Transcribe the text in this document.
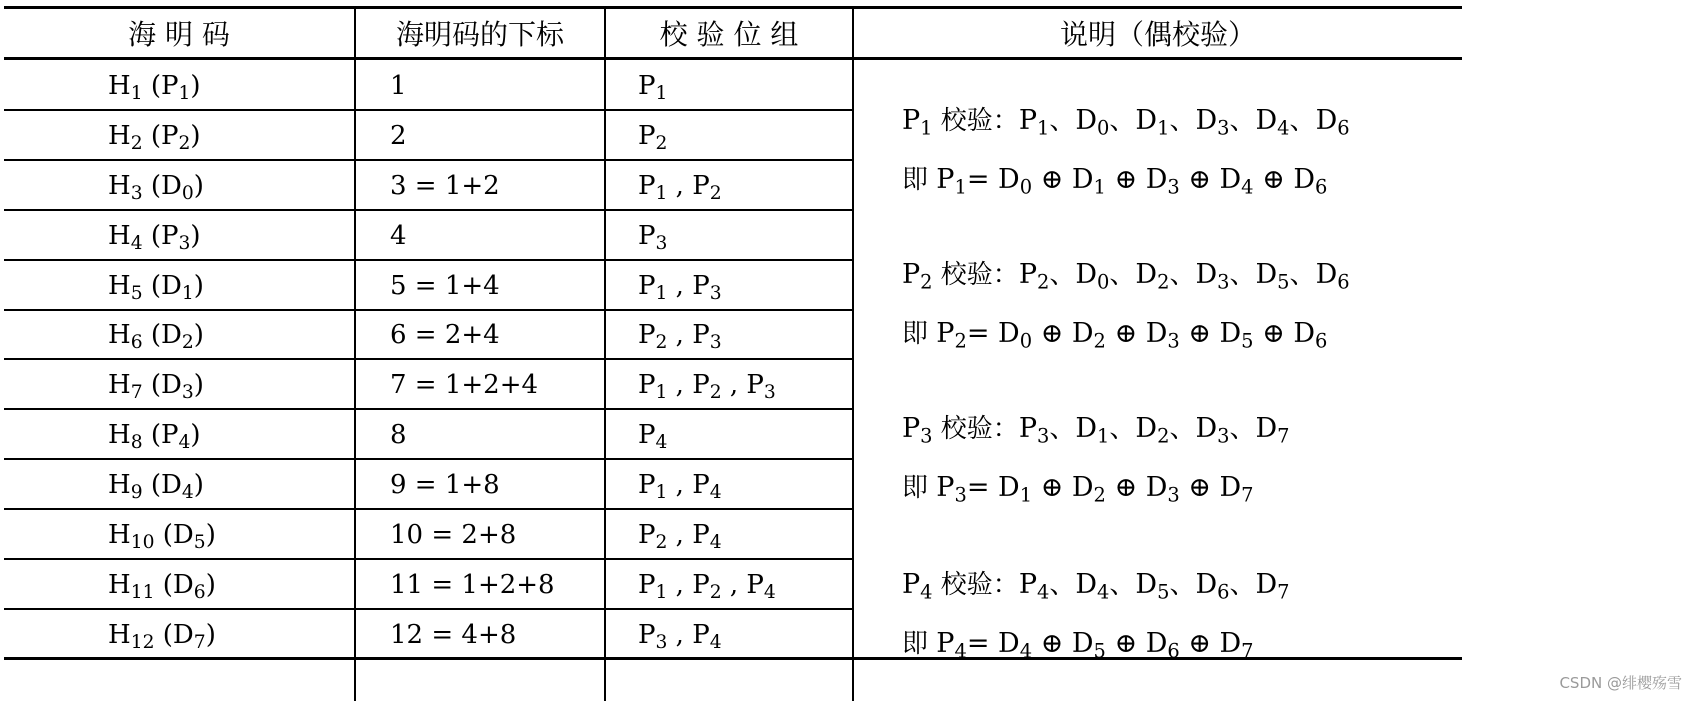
海 明 码	海明码的下标	校 验 位 组	说明（偶校验）
$H_1$ $(P_1)$	1	$P_1$
$H_2$ $(P_2)$	2	$P_2$
$H_3$ $(D_0)$	3 = 1+2	$P_1$ , $P_2$
$H_4$ $(P_3)$	4	$P_3$
$H_5$ $(D_1)$	5 = 1+4	$P_1$ , $P_3$
$H_6$ $(D_2)$	6 = 2+4	$P_2$ , $P_3$
$H_7$ $(D_3)$	7 = 1+2+4	$P_1$ , $P_2$ , $P_3$
$H_8$ $(P_4)$	8	$P_4$
$H_9$ $(D_4)$	9 = 1+8	$P_1$ , $P_4$
$H_{10}$ $(D_5)$	10 = 2+8	$P_2$ , $P_4$
$H_{11}$ $(D_6)$	11 = 1+2+8	$P_1$ , $P_2$ , $P_4$
$H_{12}$ $(D_7)$	12 = 4+8	$P_3$ , $P_4$
$P_1$ 校验：$P_1$、$D_0$、$D_1$、$D_3$、$D_4$、$D_6$
即 $P_1= D_0$ ⊕ $D_1$ ⊕ $D_3$ ⊕ $D_4$ ⊕ $D_6$
$P_2$ 校验：$P_2$、$D_0$、$D_2$、$D_3$、$D_5$、$D_6$
即 $P_2= D_0$ ⊕ $D_2$ ⊕ $D_3$ ⊕ $D_5$ ⊕ $D_6$
$P_3$ 校验：$P_3$、$D_1$、$D_2$、$D_3$、$D_7$
即 $P_3= D_1$ ⊕ $D_2$ ⊕ $D_3$ ⊕ $D_7$
$P_4$ 校验：$P_4$、$D_4$、$D_5$、$D_6$、$D_7$
即 $P_4= D_4$ ⊕ $D_5$ ⊕ $D_6$ ⊕ $D_7$
CSDN @绯樱殇雪
